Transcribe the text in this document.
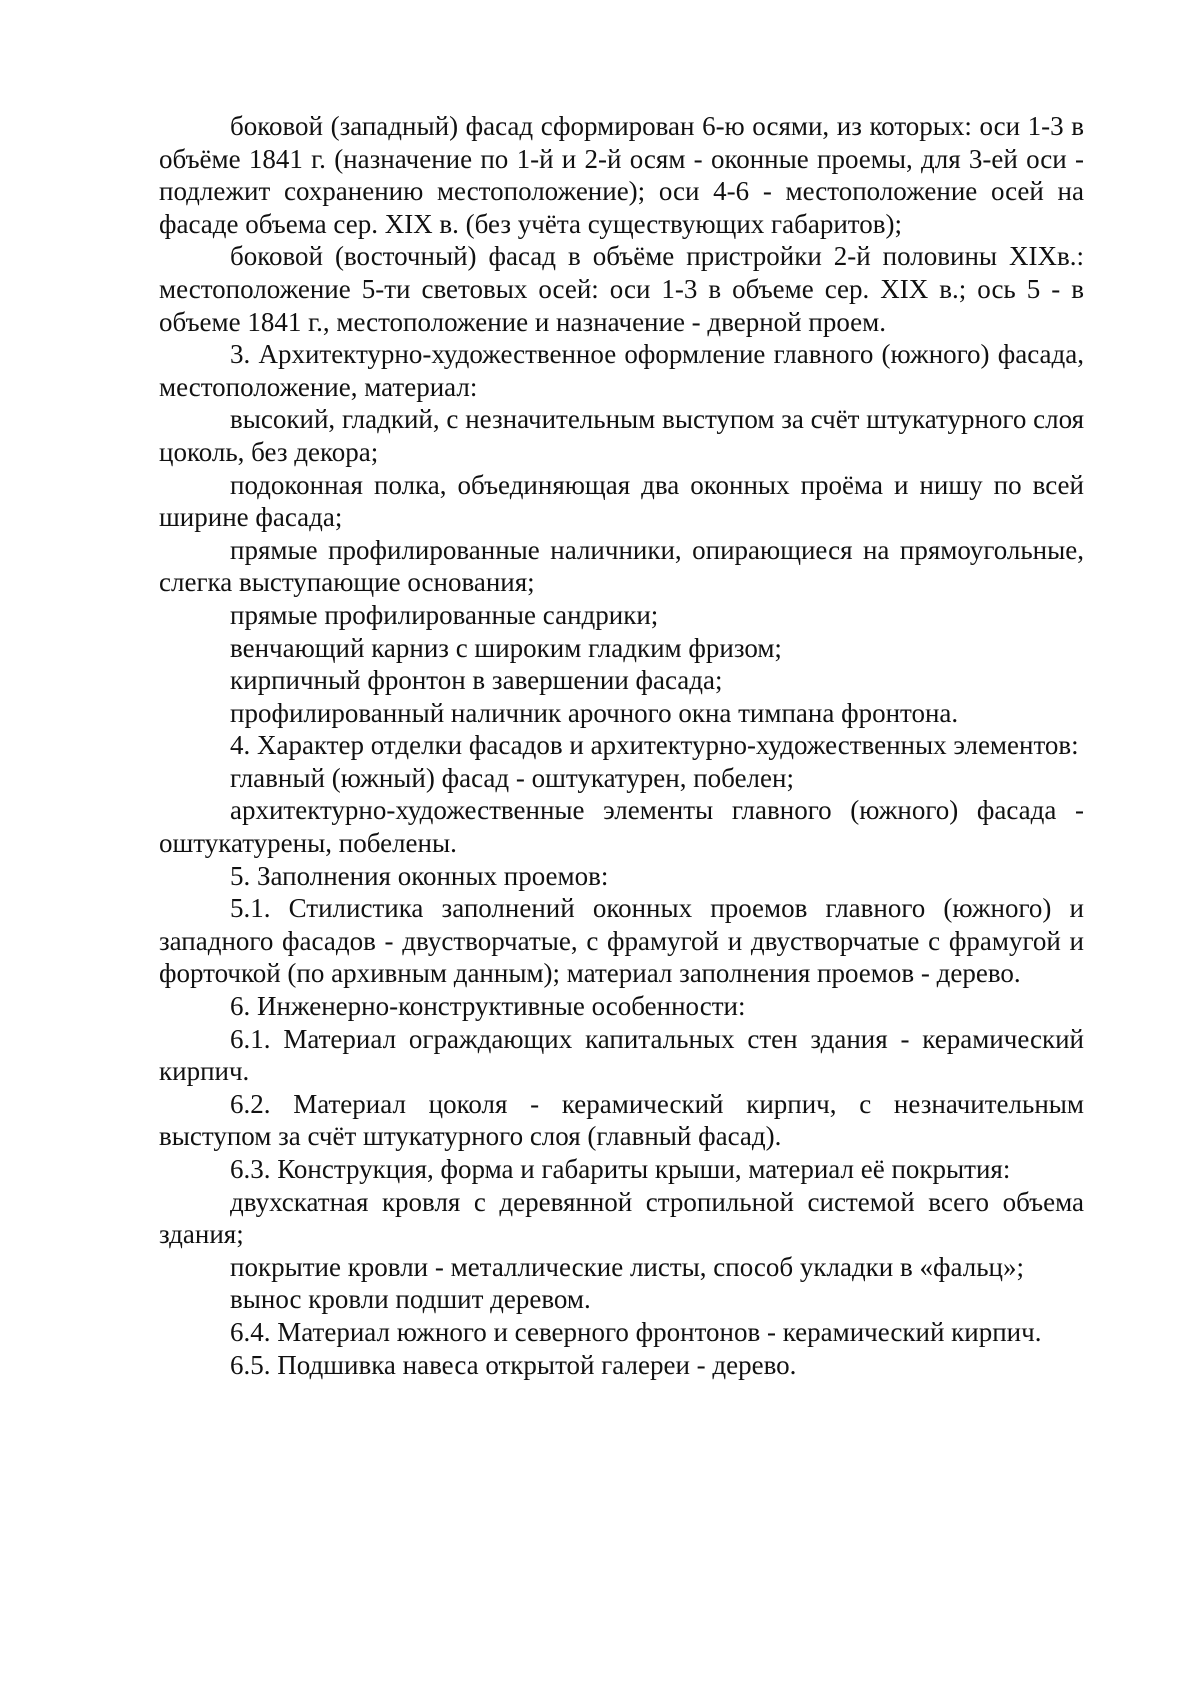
боковой (западный) фасад сформирован 6-ю осями, из которых: оси 1-3 в объёме 1841 г. (назначение по 1-й и 2-й осям - оконные проемы, для 3-ей оси - подлежит сохранению местоположение); оси 4-6 - местоположение осей на фасаде объема сер. XIX в. (без учёта существующих габаритов);

боковой (восточный) фасад в объёме пристройки 2-й половины XIXв.: местоположение 5-ти световых осей: оси 1-3 в объеме сер. XIX в.; ось 5 - в объеме 1841 г., местоположение и назначение - дверной проем.

3. Архитектурно-художественное оформление главного (южного) фасада, местоположение, материал:

высокий, гладкий, с незначительным выступом за счёт штукатурного слоя цоколь, без декора;

подоконная полка, объединяющая два оконных проёма и нишу по всей ширине фасада;

прямые профилированные наличники, опирающиеся на прямоугольные, слегка выступающие основания;

прямые профилированные сандрики;

венчающий карниз с широким гладким фризом;

кирпичный фронтон в завершении фасада;

профилированный наличник арочного окна тимпана фронтона.

4. Характер отделки фасадов и архитектурно-художественных элементов:

главный (южный) фасад - оштукатурен, побелен;

архитектурно-художественные элементы главного (южного) фасада - оштукатурены, побелены.

5. Заполнения оконных проемов:

5.1. Стилистика заполнений оконных проемов главного (южного) и западного фасадов - двустворчатые, с фрамугой и двустворчатые с фрамугой и форточкой (по архивным данным); материал заполнения проемов - дерево.

6. Инженерно-конструктивные особенности:

6.1. Материал ограждающих капитальных стен здания - керамический кирпич.

6.2. Материал цоколя - керамический кирпич, с незначительным выступом за счёт штукатурного слоя (главный фасад).

6.3. Конструкция, форма и габариты крыши, материал её покрытия:

двухскатная кровля с деревянной стропильной системой всего объема здания;

покрытие кровли - металлические листы, способ укладки в «фальц»;

вынос кровли подшит деревом.

6.4. Материал южного и северного фронтонов - керамический кирпич.

6.5. Подшивка навеса открытой галереи - дерево.
